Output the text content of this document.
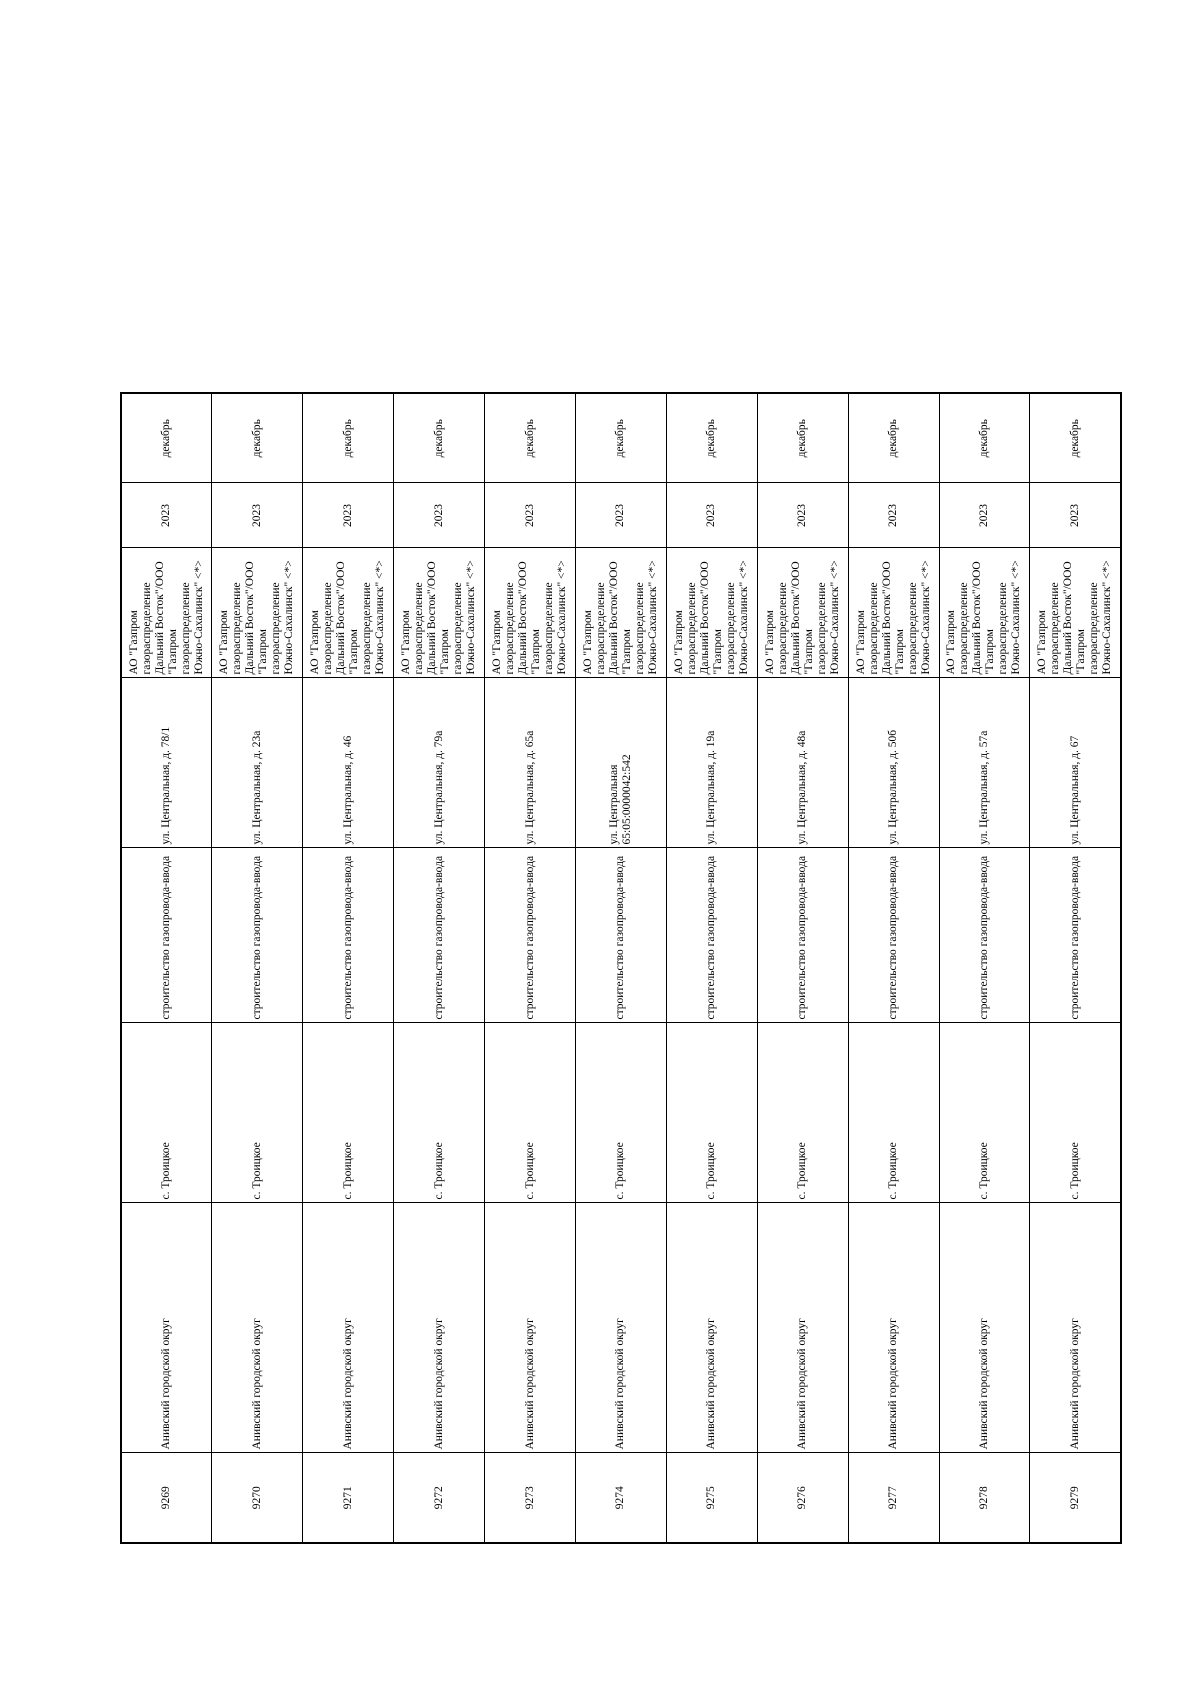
9269	Анивский городской округ	с. Троицкое	строительство газопровода-ввода	ул. Центральная, д. 78/1	АО "Газпром газораспределение Дальний Восток"/ООО "Газпром газораспределение Южно-Сахалинск" <*>	2023	декабрь
9270	Анивский городской округ	с. Троицкое	строительство газопровода-ввода	ул. Центральная, д. 23а	АО "Газпром газораспределение Дальний Восток"/ООО "Газпром газораспределение Южно-Сахалинск" <*>	2023	декабрь
9271	Анивский городской округ	с. Троицкое	строительство газопровода-ввода	ул. Центральная, д. 46	АО "Газпром газораспределение Дальний Восток"/ООО "Газпром газораспределение Южно-Сахалинск" <*>	2023	декабрь
9272	Анивский городской округ	с. Троицкое	строительство газопровода-ввода	ул. Центральная, д. 79а	АО "Газпром газораспределение Дальний Восток"/ООО "Газпром газораспределение Южно-Сахалинск" <*>	2023	декабрь
9273	Анивский городской округ	с. Троицкое	строительство газопровода-ввода	ул. Центральная, д. 65а	АО "Газпром газораспределение Дальний Восток"/ООО "Газпром газораспределение Южно-Сахалинск" <*>	2023	декабрь
9274	Анивский городской округ	с. Троицкое	строительство газопровода-ввода	ул. Центральная 65:05:0000042:542	АО "Газпром газораспределение Дальний Восток"/ООО "Газпром газораспределение Южно-Сахалинск" <*>	2023	декабрь
9275	Анивский городской округ	с. Троицкое	строительство газопровода-ввода	ул. Центральная, д. 19а	АО "Газпром газораспределение Дальний Восток"/ООО "Газпром газораспределение Южно-Сахалинск" <*>	2023	декабрь
9276	Анивский городской округ	с. Троицкое	строительство газопровода-ввода	ул. Центральная, д. 48а	АО "Газпром газораспределение Дальний Восток"/ООО "Газпром газораспределение Южно-Сахалинск" <*>	2023	декабрь
9277	Анивский городской округ	с. Троицкое	строительство газопровода-ввода	ул. Центральная, д. 50б	АО "Газпром газораспределение Дальний Восток"/ООО "Газпром газораспределение Южно-Сахалинск" <*>	2023	декабрь
9278	Анивский городской округ	с. Троицкое	строительство газопровода-ввода	ул. Центральная, д. 57а	АО "Газпром газораспределение Дальний Восток"/ООО "Газпром газораспределение Южно-Сахалинск" <*>	2023	декабрь
9279	Анивский городской округ	с. Троицкое	строительство газопровода-ввода	ул. Центральная, д. 67	АО "Газпром газораспределение Дальний Восток"/ООО "Газпром газораспределение Южно-Сахалинск" <*>	2023	декабрь
